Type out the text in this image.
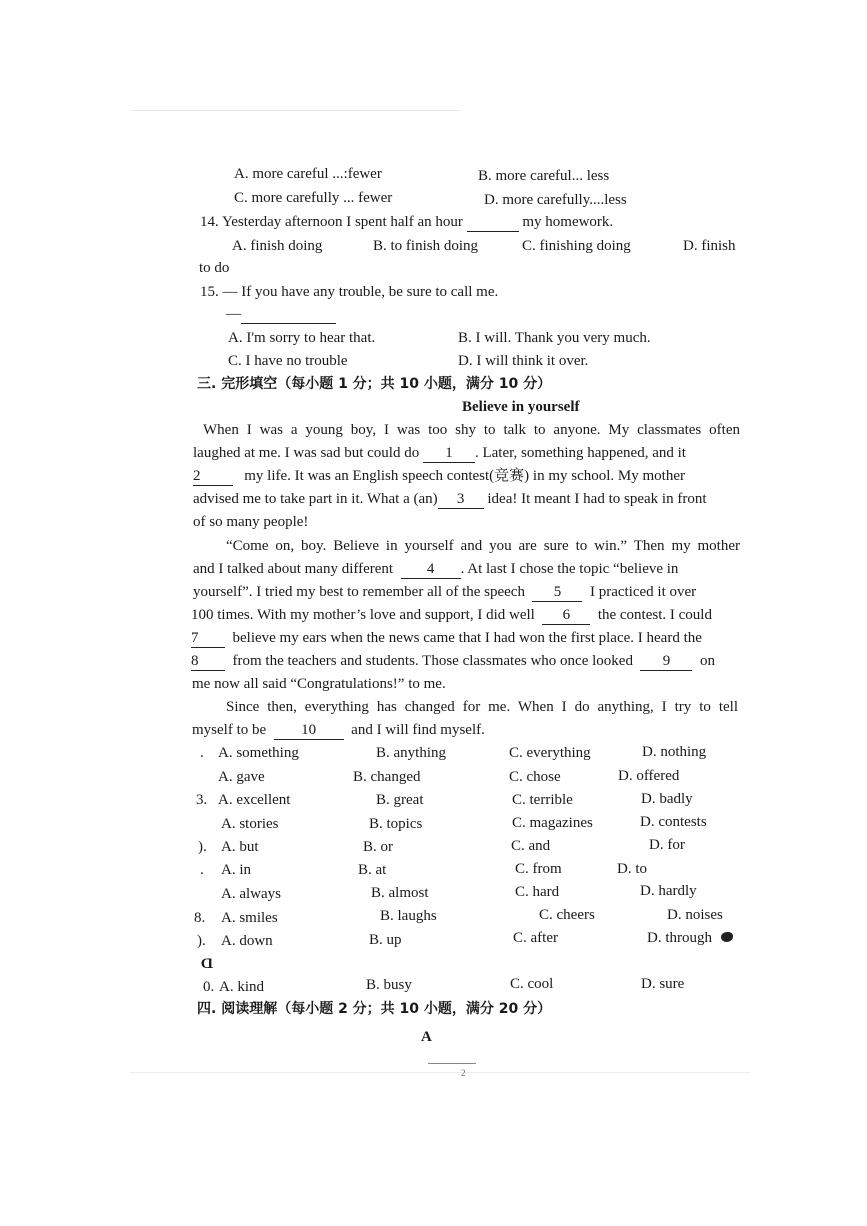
A. more careful ...:fewer	B. more careful... less
C. more carefully ... fewer	D. more carefully....less
14. Yesterday afternoon I spent half an hour	my homework.
A. finish doing	B. to finish doing	C. finishing doing	D. finish
to do
15. — If you have any trouble, be sure to call me.
—
A. I'm sorry to hear that.	B. I will. Thank you very much.
C. I have no trouble	D. I will think it over.
三. 完形填空（每小题 1 分；共 10 小题，满分 10 分）
Believe in yourself
When I was a young boy, I was too shy to talk to anyone. My classmates often
laughed at me. I was sad but could do 1 . Later, something happened, and it
2	my life. It was an English speech contest(竞赛) in my school. My mother
advised me to take part in it. What a (an) 3 idea! It meant I had to speak in front
of so many people!
“Come on, boy. Believe in yourself and you are sure to win.” Then my mother
and I talked about many different 4 . At last I chose the topic “believe in
yourself”. I tried my best to remember all of the speech 5 I practiced it over
100 times. With my mother’s love and support, I did well 6 the contest. I could
7 believe my ears when the news came that I had won the first place. I heard the
8 from the teachers and students. Those classmates who once looked 9 on
me now all said “Congratulations!” to me.
Since then, everything has changed for me. When I do anything, I try to tell
myself to be 10 and I will find myself.
. A. something	B. anything	C. everything	D. nothing
A. gave	B. changed	C. chose	D. offered
3. A. excellent	B. great	C. terrible	D. badly
A. stories	B. topics	C. magazines	D. contests
). A. but	B. or	C. and	D. for
. A. in	B. at	C. from	D. to
A. always	B. almost	C. hard	D. hardly
8. A. smiles	B. laughs	C. cheers	D. noises
). A. down	B. up	C. after	D. through
Ɑ
0. A. kind	B. busy	C. cool	D. sure
四. 阅读理解（每小题 2 分；共 10 小题，满分 20 分）
A
2
